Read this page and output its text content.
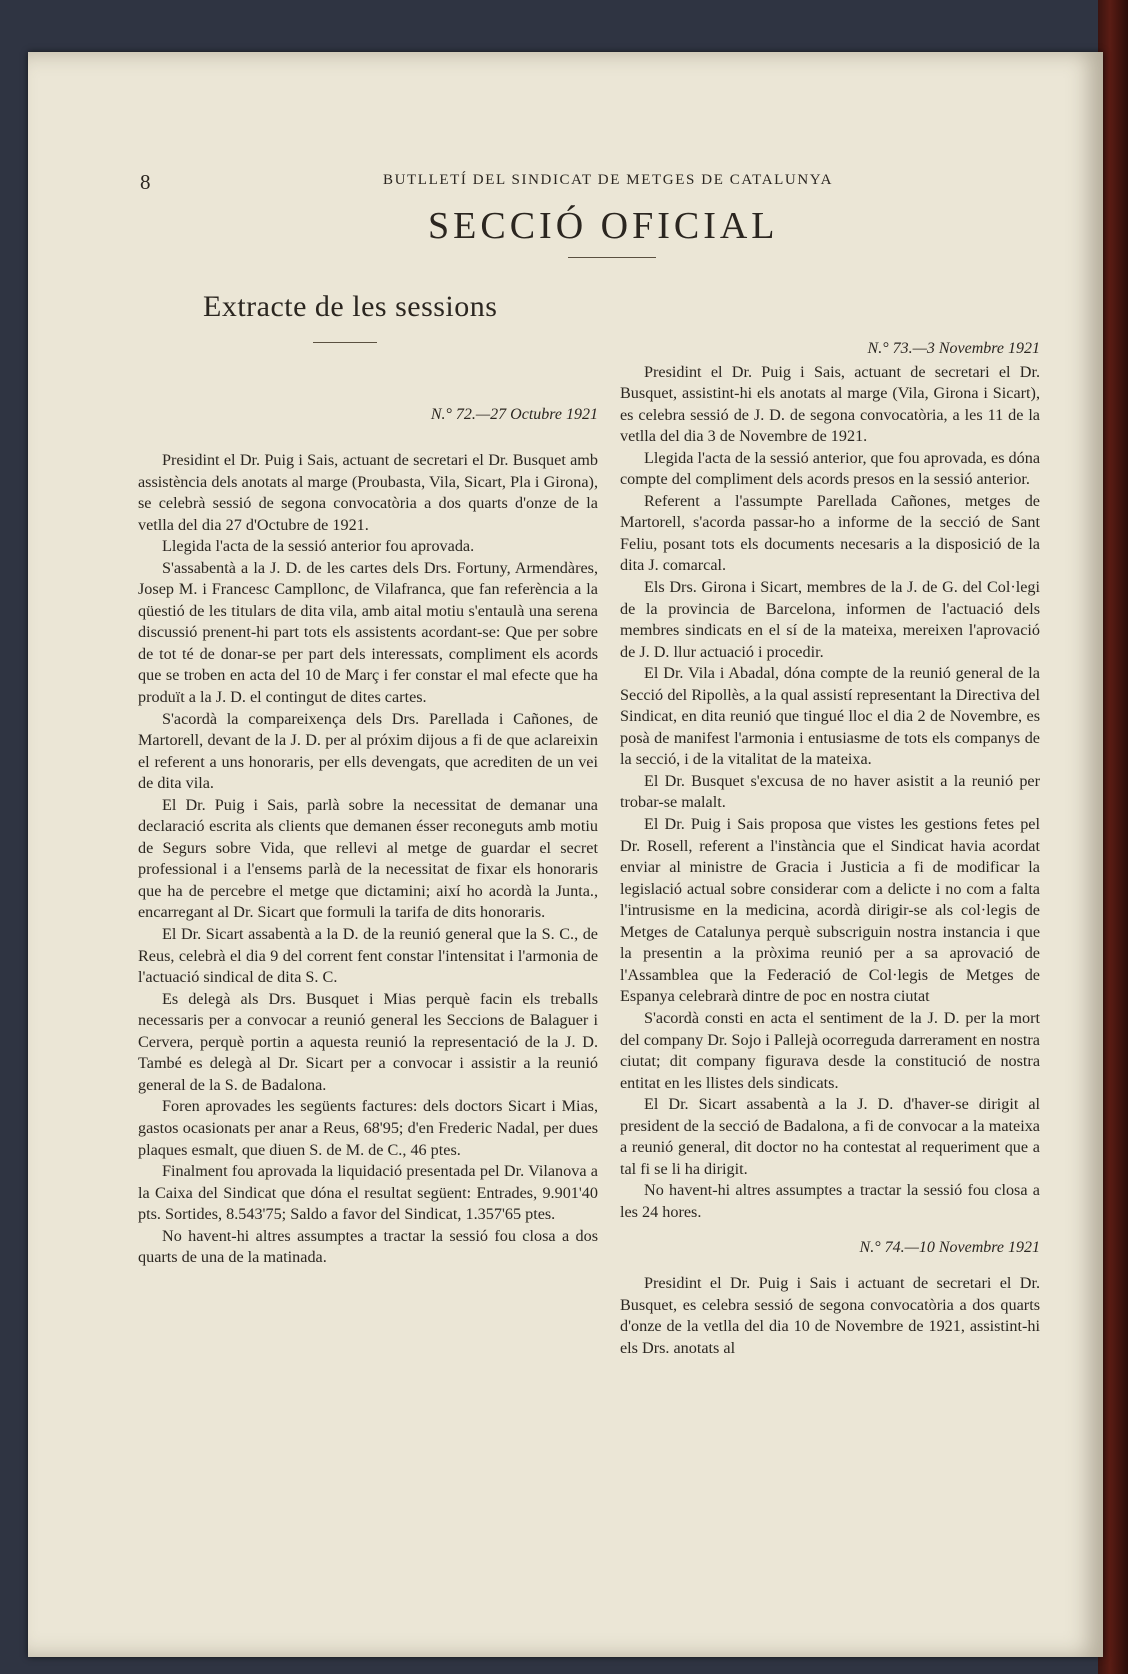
8	BUTLLETÍ DEL SINDICAT DE METGES DE CATALUNYA
SECCIÓ OFICIAL
Extracte de les sessions
N.° 72.—27 Octubre 1921

Presidint el Dr. Puig i Sais, actuant de secretari el Dr. Busquet amb assistència dels anotats al marge (Proubasta, Vila, Sicart, Pla i Girona), se celebrà sessió de segona convocatòria a dos quarts d'onze de la vetlla del dia 27 d'Octubre de 1921.

Llegida l'acta de la sessió anterior fou aprovada.

S'assabentà a la J. D. de les cartes dels Drs. Fortuny, Armendàres, Josep M. i Francesc Campllonc, de Vilafranca, que fan referència a la qüestió de les titulars de dita vila, amb aital motiu s'entaulà una serena discussió prenent-hi part tots els assistents acordant-se: Que per sobre de tot té de donar-se per part dels interessats, compliment els acords que se troben en acta del 10 de Març i fer constar el mal efecte que ha produït a la J. D. el contingut de dites cartes.

S'acordà la compareixença dels Drs. Parellada i Cañones, de Martorell, devant de la J. D. per al próxim dijous a fi de que aclareixin el referent a uns honoraris, per ells devengats, que acrediten de un vei de dita vila.

El Dr. Puig i Sais, parlà sobre la necessitat de demanar una declaració escrita als clients que demanen ésser reconeguts amb motiu de Segurs sobre Vida, que rellevi al metge de guardar el secret professional i a l'ensems parlà de la necessitat de fixar els honoraris que ha de percebre el metge que dictamini; així ho acordà la Junta., encarregant al Dr. Sicart que formuli la tarifa de dits honoraris.

El Dr. Sicart assabentà a la D. de la reunió general que la S. C., de Reus, celebrà el dia 9 del corrent fent constar l'intensitat i l'armonia de l'actuació sindical de dita S. C.

Es delegà als Drs. Busquet i Mias perquè facin els treballs necessaris per a convocar a reunió general les Seccions de Balaguer i Cervera, perquè portin a aquesta reunió la representació de la J. D. També es delegà al Dr. Sicart per a convocar i assistir a la reunió general de la S. de Badalona.

Foren aprovades les següents factures: dels doctors Sicart i Mias, gastos ocasionats per anar a Reus, 68'95; d'en Frederic Nadal, per dues plaques esmalt, que diuen S. de M. de C., 46 ptes.

Finalment fou aprovada la liquidació presentada pel Dr. Vilanova a la Caixa del Sindicat que dóna el resultat següent: Entrades, 9.901'40 pts. Sortides, 8.543'75; Saldo a favor del Sindicat, 1.357'65 ptes.

No havent-hi altres assumptes a tractar la sessió fou closa a dos quarts de una de la matinada.

N.° 73.—3 Novembre 1921

Presidint el Dr. Puig i Sais, actuant de secretari el Dr. Busquet, assistint-hi els anotats al marge (Vila, Girona i Sicart), es celebra sessió de J. D. de segona convocatòria, a les 11 de la vetlla del dia 3 de Novembre de 1921.

Llegida l'acta de la sessió anterior, que fou aprovada, es dóna compte del compliment dels acords presos en la sessió anterior.

Referent a l'assumpte Parellada Cañones, metges de Martorell, s'acorda passar-ho a informe de la secció de Sant Feliu, posant tots els documents necesaris a la disposició de la dita J. comarcal.

Els Drs. Girona i Sicart, membres de la J. de G. del Col·legi de la provincia de Barcelona, informen de l'actuació dels membres sindicats en el sí de la mateixa, mereixen l'aprovació de J. D. llur actuació i procedir.

El Dr. Vila i Abadal, dóna compte de la reunió general de la Secció del Ripollès, a la qual assistí representant la Directiva del Sindicat, en dita reunió que tingué lloc el dia 2 de Novembre, es posà de manifest l'armonia i entusiasme de tots els companys de la secció, i de la vitalitat de la mateixa.

El Dr. Busquet s'excusa de no haver asistit a la reunió per trobar-se malalt.

El Dr. Puig i Sais proposa que vistes les gestions fetes pel Dr. Rosell, referent a l'instància que el Sindicat havia acordat enviar al ministre de Gracia i Justicia a fi de modificar la legislació actual sobre considerar com a delicte i no com a falta l'intrusisme en la medicina, acordà dirigir-se als col·legis de Metges de Catalunya perquè subscriguin nostra instancia i que la presentin a la pròxima reunió per a sa aprovació de l'Assamblea que la Federació de Col·legis de Metges de Espanya celebrarà dintre de poc en nostra ciutat

S'acordà consti en acta el sentiment de la J. D. per la mort del company Dr. Sojo i Pallejà ocorreguda darrerament en nostra ciutat; dit company figurava desde la constitució de nostra entitat en les llistes dels sindicats.

El Dr. Sicart assabentà a la J. D. d'haver-se dirigit al president de la secció de Badalona, a fi de convocar a la mateixa a reunió general, dit doctor no ha contestat al requeriment que a tal fi se li ha dirigit.

No havent-hi altres assumptes a tractar la sessió fou closa a les 24 hores.

N.° 74.—10 Novembre 1921

Presidint el Dr. Puig i Sais i actuant de secretari el Dr. Busquet, es celebra sessió de segona convocatòria a dos quarts d'onze de la vetlla del dia 10 de Novembre de 1921, assistint-hi els Drs. anotats al
